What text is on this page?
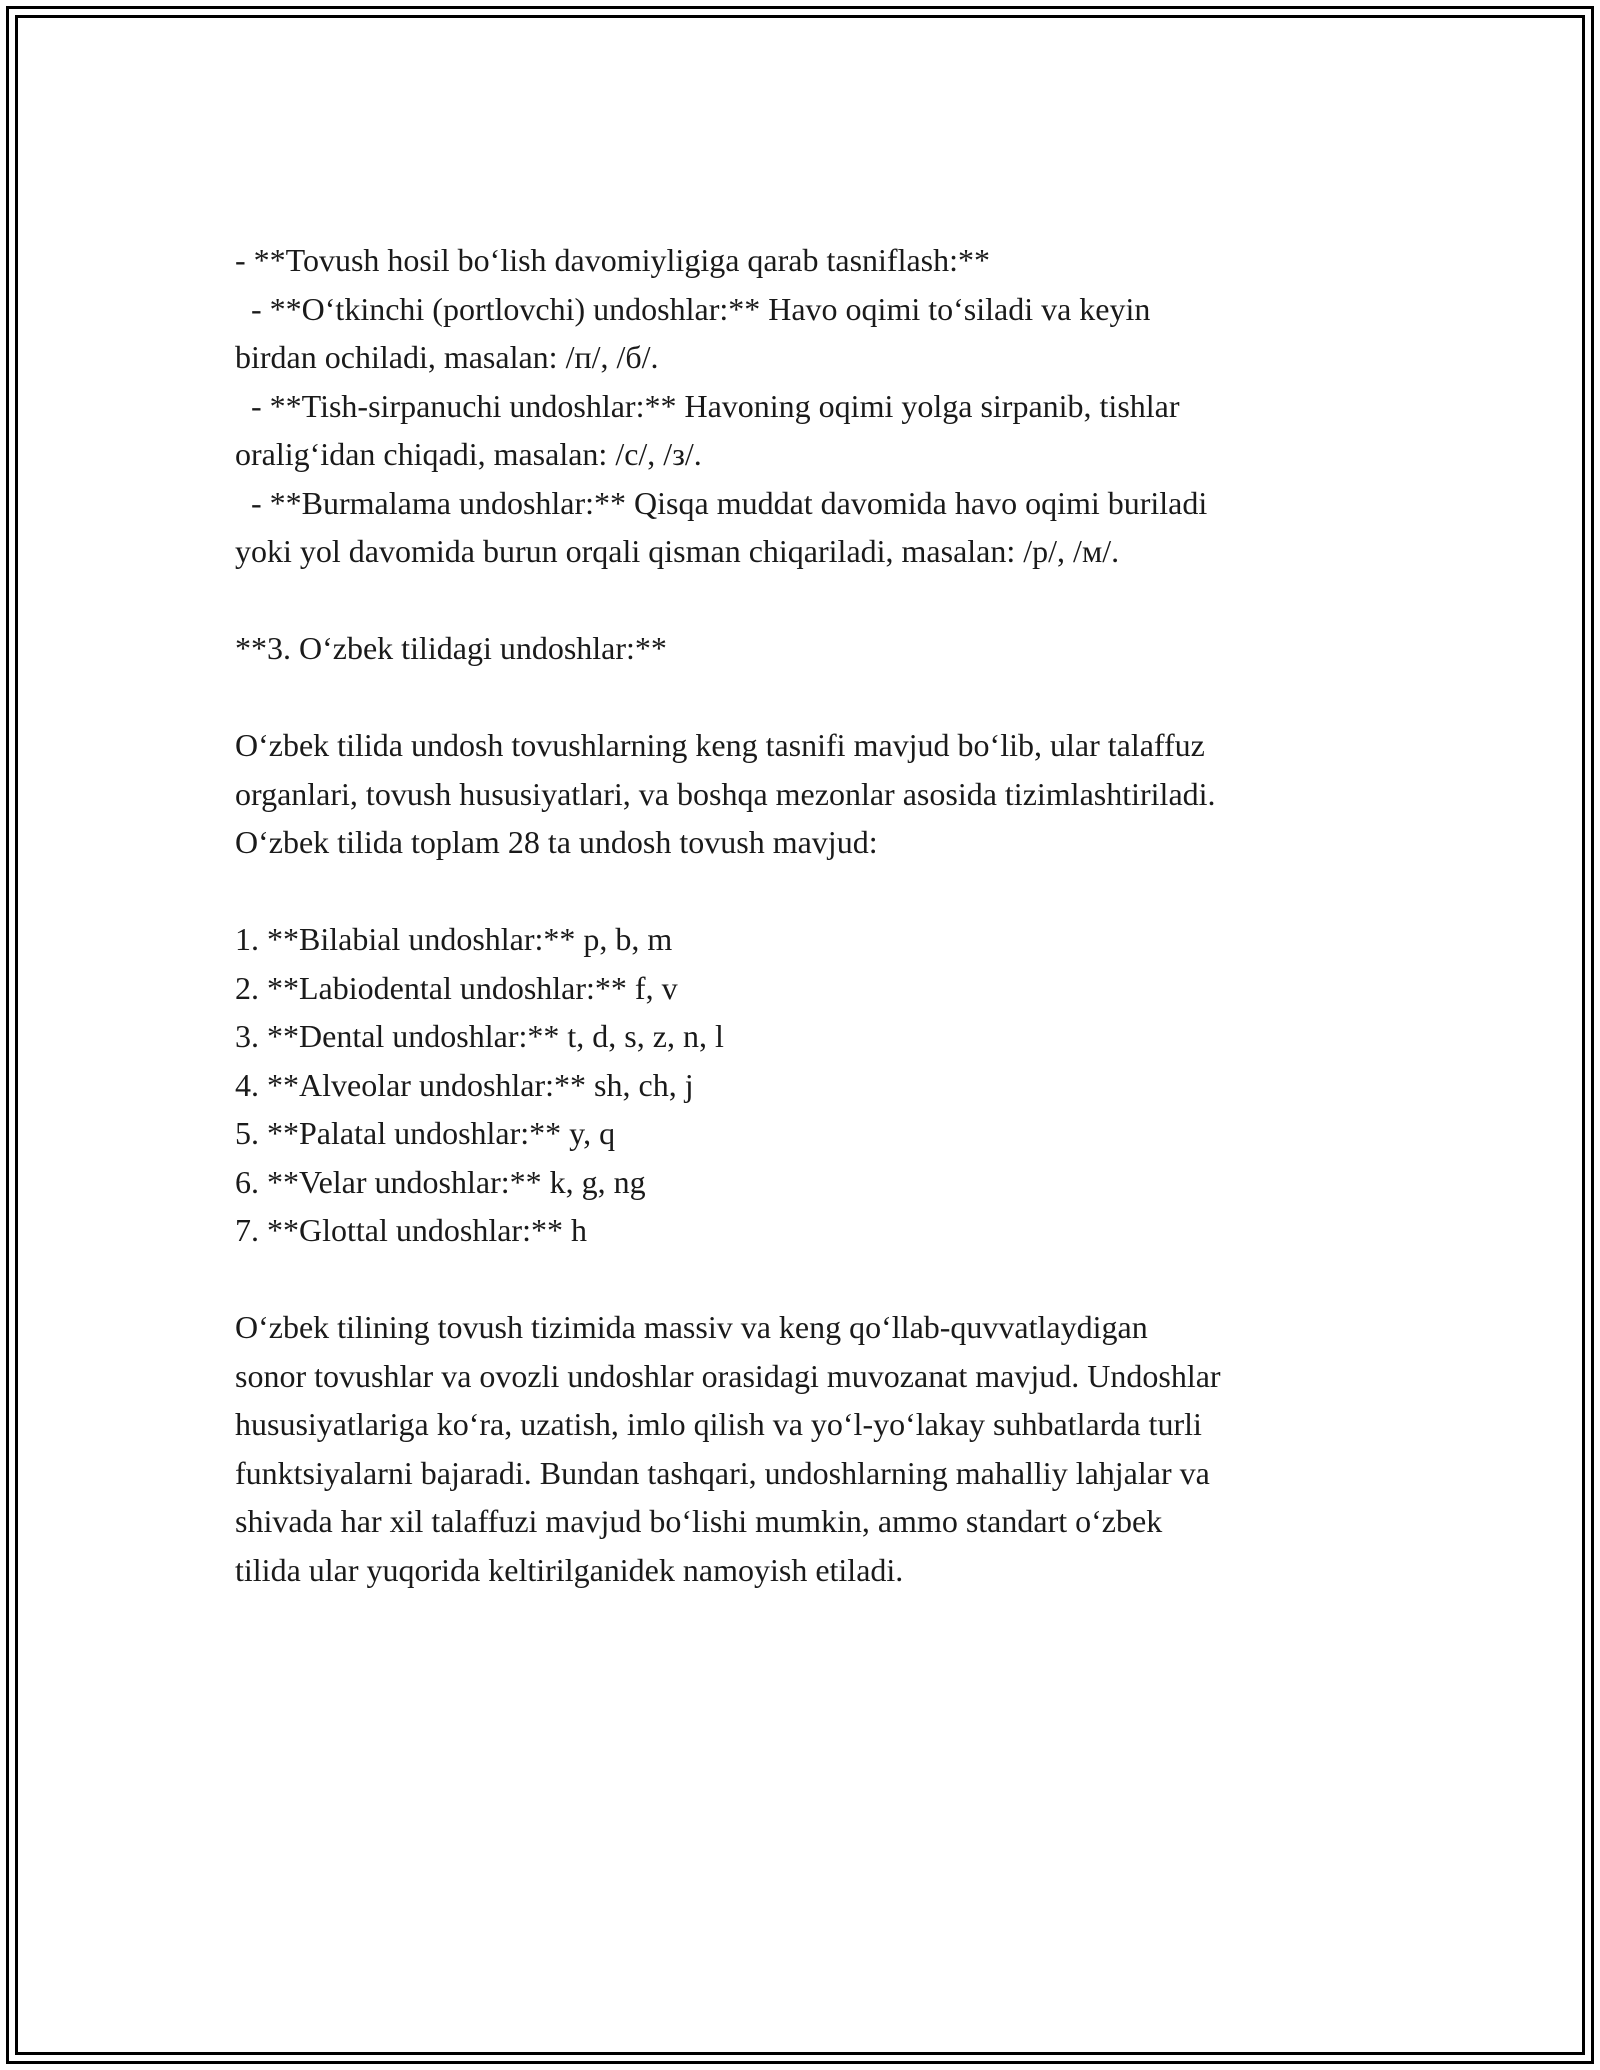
- **Tovush hosil bo‘lish davomiyligiga qarab tasniflash:**
- **O‘tkinchi (portlovchi) undoshlar:** Havo oqimi to‘siladi va keyin
birdan ochiladi, masalan: /п/, /б/.
- **Tish-sirpanuchi undoshlar:** Havoning oqimi yolga sirpanib, tishlar
oralig‘idan chiqadi, masalan: /с/, /з/.
- **Burmalama undoshlar:** Qisqa muddat davomida havo oqimi buriladi
yoki yol davomida burun orqali qisman chiqariladi, masalan: /р/, /м/.
**3. O‘zbek tilidagi undoshlar:**
O‘zbek tilida undosh tovushlarning keng tasnifi mavjud bo‘lib, ular talaffuz
organlari, tovush hususiyatlari, va boshqa mezonlar asosida tizimlashtiriladi.
O‘zbek tilida toplam 28 ta undosh tovush mavjud:
1. **Bilabial undoshlar:** p, b, m
2. **Labiodental undoshlar:** f, v
3. **Dental undoshlar:** t, d, s, z, n, l
4. **Alveolar undoshlar:** sh, ch, j
5. **Palatal undoshlar:** y, q
6. **Velar undoshlar:** k, g, ng
7. **Glottal undoshlar:** h
O‘zbek tilining tovush tizimida massiv va keng qo‘llab-quvvatlaydigan
sonor tovushlar va ovozli undoshlar orasidagi muvozanat mavjud. Undoshlar
hususiyatlariga ko‘ra, uzatish, imlo qilish va yo‘l-yo‘lakay suhbatlarda turli
funktsiyalarni bajaradi. Bundan tashqari, undoshlarning mahalliy lahjalar va
shivada har xil talaffuzi mavjud bo‘lishi mumkin, ammo standart o‘zbek
tilida ular yuqorida keltirilganidek namoyish etiladi.
